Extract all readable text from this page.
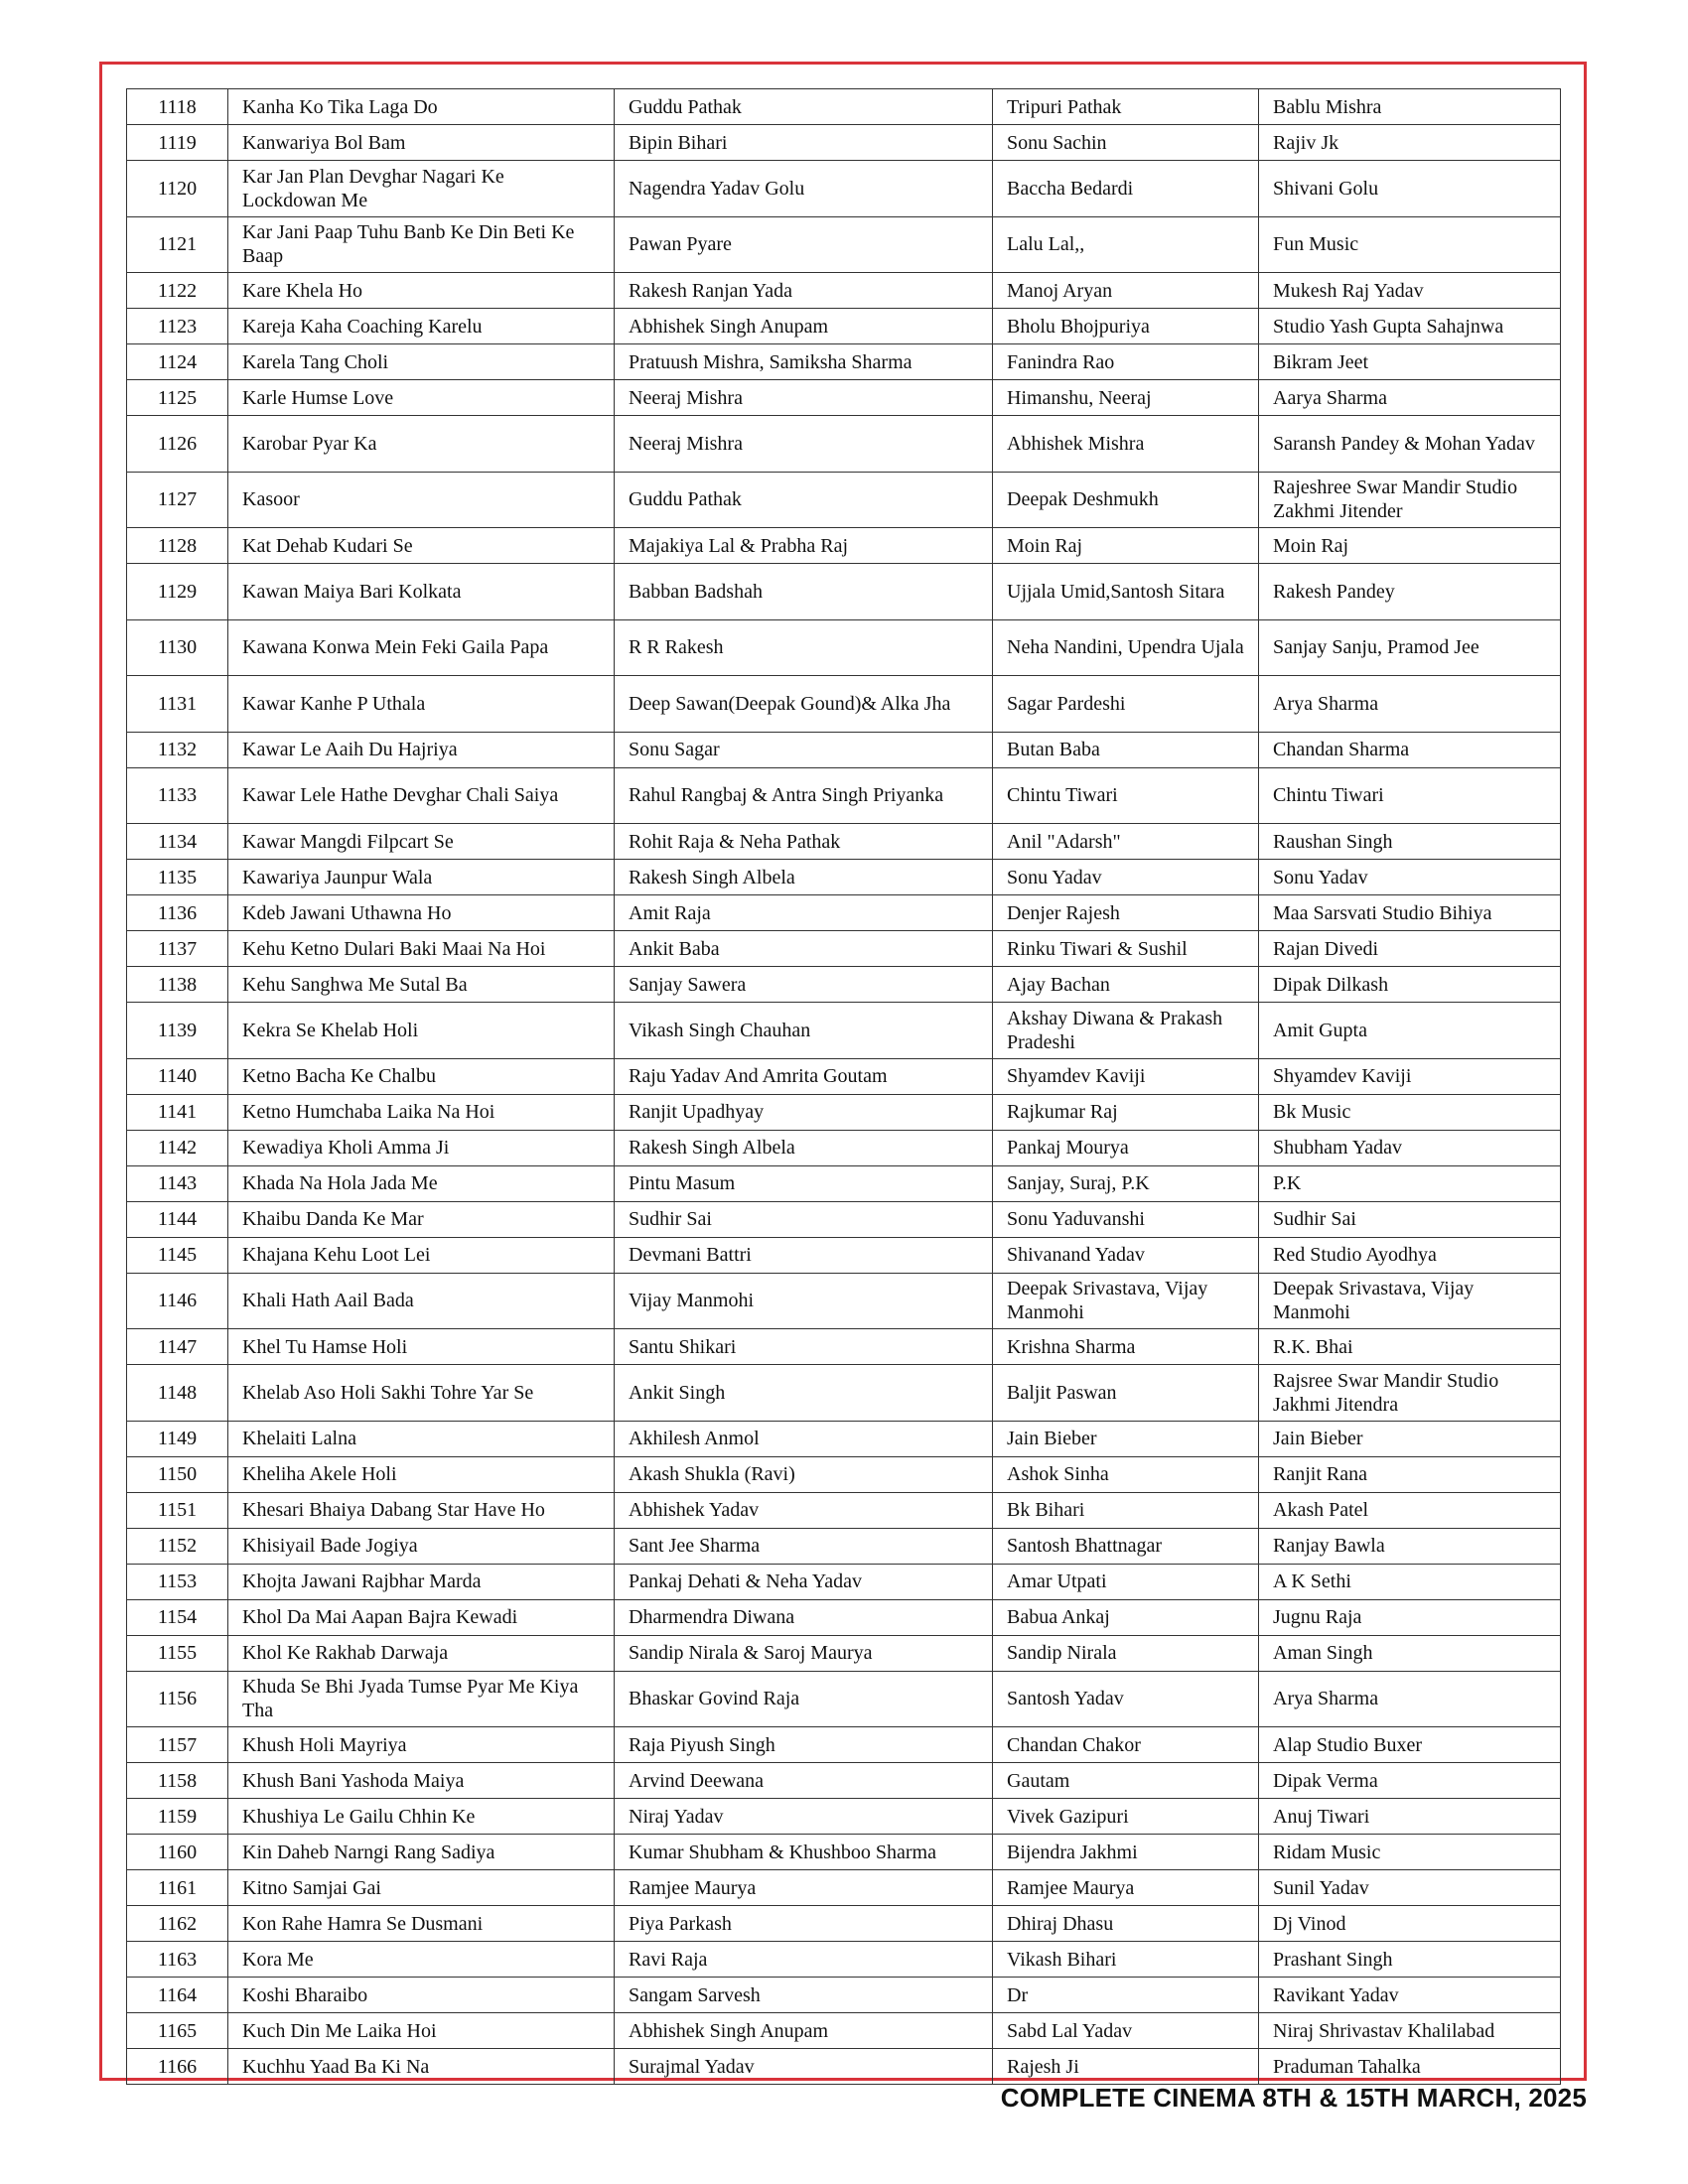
1118	Kanha Ko Tika Laga Do	Guddu Pathak	Tripuri Pathak	Bablu Mishra
1119	Kanwariya Bol Bam	Bipin Bihari	Sonu Sachin	Rajiv Jk
1120	Kar Jan Plan Devghar Nagari Ke Lockdowan Me	Nagendra Yadav Golu	Baccha Bedardi	Shivani Golu
1121	Kar Jani Paap Tuhu Banb Ke Din Beti Ke Baap	Pawan Pyare	Lalu Lal,,	Fun Music
1122	Kare Khela Ho	Rakesh Ranjan Yada	Manoj Aryan	Mukesh Raj Yadav
1123	Kareja Kaha Coaching Karelu	Abhishek Singh Anupam	Bholu Bhojpuriya	Studio Yash Gupta Sahajnwa
1124	Karela Tang Choli	Pratuush Mishra, Samiksha Sharma	Fanindra Rao	Bikram Jeet
1125	Karle Humse Love	Neeraj Mishra	Himanshu, Neeraj	Aarya Sharma
1126	Karobar Pyar Ka	Neeraj Mishra	Abhishek Mishra	Saransh Pandey & Mohan Yadav
1127	Kasoor	Guddu Pathak	Deepak Deshmukh	Rajeshree Swar Mandir Studio Zakhmi Jitender
1128	Kat Dehab Kudari Se	Majakiya Lal & Prabha Raj	Moin Raj	Moin Raj
1129	Kawan Maiya Bari Kolkata	Babban Badshah	Ujjala Umid,Santosh Sitara	Rakesh Pandey
1130	Kawana Konwa Mein Feki Gaila Papa	R R Rakesh	Neha Nandini, Upendra Ujala	Sanjay Sanju, Pramod Jee
1131	Kawar Kanhe P Uthala	Deep Sawan(Deepak Gound)& Alka Jha	Sagar Pardeshi	Arya Sharma
1132	Kawar Le Aaih Du Hajriya	Sonu Sagar	Butan Baba	Chandan Sharma
1133	Kawar Lele Hathe Devghar Chali Saiya	Rahul Rangbaj & Antra Singh Priyanka	Chintu Tiwari	Chintu Tiwari
1134	Kawar Mangdi Filpcart Se	Rohit Raja & Neha Pathak	Anil "Adarsh"	Raushan Singh
1135	Kawariya Jaunpur Wala	Rakesh Singh Albela	Sonu Yadav	Sonu Yadav
1136	Kdeb Jawani Uthawna Ho	Amit Raja	Denjer Rajesh	Maa Sarsvati Studio Bihiya
1137	Kehu Ketno Dulari Baki Maai Na Hoi	Ankit Baba	Rinku Tiwari & Sushil	Rajan Divedi
1138	Kehu Sanghwa Me Sutal Ba	Sanjay Sawera	Ajay Bachan	Dipak Dilkash
1139	Kekra Se Khelab Holi	Vikash Singh Chauhan	Akshay Diwana & Prakash Pradeshi	Amit Gupta
1140	Ketno Bacha Ke Chalbu	Raju Yadav And Amrita Goutam	Shyamdev Kaviji	Shyamdev Kaviji
1141	Ketno Humchaba Laika Na Hoi	Ranjit Upadhyay	Rajkumar Raj	Bk Music
1142	Kewadiya Kholi Amma Ji	Rakesh Singh Albela	Pankaj Mourya	Shubham Yadav
1143	Khada Na Hola Jada Me	Pintu Masum	Sanjay, Suraj, P.K	P.K
1144	Khaibu Danda Ke Mar	Sudhir Sai	Sonu Yaduvanshi	Sudhir Sai
1145	Khajana Kehu Loot Lei	Devmani Battri	Shivanand Yadav	Red Studio Ayodhya
1146	Khali Hath Aail Bada	Vijay Manmohi	Deepak Srivastava, Vijay Manmohi	Deepak Srivastava, Vijay Manmohi
1147	Khel Tu Hamse Holi	Santu Shikari	Krishna Sharma	R.K. Bhai
1148	Khelab Aso Holi Sakhi Tohre Yar Se	Ankit Singh	Baljit Paswan	Rajsree Swar Mandir Studio Jakhmi Jitendra
1149	Khelaiti Lalna	Akhilesh Anmol	Jain Bieber	Jain Bieber
1150	Kheliha Akele Holi	Akash Shukla (Ravi)	Ashok Sinha	Ranjit Rana
1151	Khesari Bhaiya Dabang Star Have Ho	Abhishek Yadav	Bk Bihari	Akash Patel
1152	Khisiyail Bade Jogiya	Sant Jee Sharma	Santosh Bhattnagar	Ranjay Bawla
1153	Khojta Jawani Rajbhar Marda	Pankaj Dehati & Neha Yadav	Amar Utpati	A K Sethi
1154	Khol Da Mai Aapan Bajra Kewadi	Dharmendra Diwana	Babua Ankaj	Jugnu Raja
1155	Khol Ke Rakhab Darwaja	Sandip Nirala & Saroj Maurya	Sandip Nirala	Aman Singh
1156	Khuda Se Bhi Jyada Tumse Pyar Me Kiya Tha	Bhaskar Govind Raja	Santosh Yadav	Arya Sharma
1157	Khush Holi Mayriya	Raja Piyush Singh	Chandan Chakor	Alap Studio Buxer
1158	Khush Bani Yashoda Maiya	Arvind Deewana	Gautam	Dipak Verma
1159	Khushiya Le Gailu Chhin Ke	Niraj Yadav	Vivek Gazipuri	Anuj Tiwari
1160	Kin Daheb Narngi Rang Sadiya	Kumar Shubham & Khushboo Sharma	Bijendra Jakhmi	Ridam Music
1161	Kitno Samjai Gai	Ramjee Maurya	Ramjee Maurya	Sunil Yadav
1162	Kon Rahe Hamra Se Dusmani	Piya Parkash	Dhiraj Dhasu	Dj Vinod
1163	Kora Me	Ravi Raja	Vikash Bihari	Prashant Singh
1164	Koshi Bharaibo	Sangam Sarvesh	Dr	Ravikant Yadav
1165	Kuch Din Me Laika Hoi	Abhishek Singh Anupam	Sabd Lal Yadav	Niraj Shrivastav Khalilabad
1166	Kuchhu Yaad Ba Ki Na	Surajmal Yadav	Rajesh Ji	Praduman Tahalka
COMPLETE CINEMA 8TH & 15TH MARCH, 2025
